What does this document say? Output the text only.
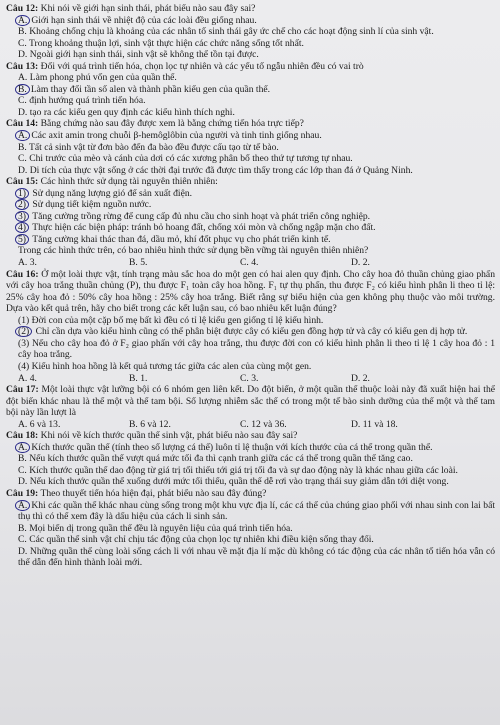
Câu 12: Khi nói về giới hạn sinh thái, phát biểu nào sau đây sai?

A. Giới hạn sinh thái về nhiệt độ của các loài đều giống nhau.

B. Khoảng chống chịu là khoảng của các nhân tố sinh thái gây ức chế cho các hoạt động sinh lí của sinh vật.

C. Trong khoảng thuận lợi, sinh vật thực hiện các chức năng sống tốt nhất.

D. Ngoài giới hạn sinh thái, sinh vật sẽ không thể tồn tại được.

Câu 13: Đối với quá trình tiến hóa, chọn lọc tự nhiên và các yếu tố ngẫu nhiên đều có vai trò

A. Làm phong phú vốn gen của quần thể.

B. Làm thay đổi tần số alen và thành phần kiểu gen của quần thể.

C. định hướng quá trình tiến hóa.

D. tạo ra các kiểu gen quy định các kiểu hình thích nghi.

Câu 14: Bằng chứng nào sau đây được xem là bằng chứng tiến hóa trực tiếp?

A. Các axit amin trong chuỗi β-hemôglôbin của người và tinh tinh giống nhau.

B. Tất cả sinh vật từ đơn bào đến đa bào đều được cấu tạo từ tế bào.

C. Chi trước của mèo và cánh của dơi có các xương phân bố theo thứ tự tương tự nhau.

D. Di tích của thực vật sống ở các thời đại trước đã được tìm thấy trong các lớp than đá ở Quảng Ninh.

Câu 15: Các hình thức sử dụng tài nguyên thiên nhiên:

1) Sử dụng năng lượng gió để sản xuất điện.

2) Sử dụng tiết kiệm nguồn nước.

3) Tăng cường trồng rừng để cung cấp đủ nhu cầu cho sinh hoạt và phát triển công nghiệp.

4) Thực hiện các biện pháp: tránh bỏ hoang đất, chống xói mòn và chống ngập mặn cho đất.

5) Tăng cường khai thác than đá, dầu mỏ, khí đốt phục vụ cho phát triển kinh tế.

Trong các hình thức trên, có bao nhiêu hình thức sử dụng bền vững tài nguyên thiên nhiên?

A. 3.	B. 5.	C. 4.	D. 2.

Câu 16: Ở một loài thực vật, tính trạng màu sắc hoa do một gen có hai alen quy định. Cho cây hoa đỏ thuần chủng giao phấn với cây hoa trắng thuần chủng (P), thu được F₁ toàn cây hoa hồng. F₁ tự thụ phấn, thu được F₂ có kiểu hình phân li theo tỉ lệ: 25% cây hoa đỏ : 50% cây hoa hồng : 25% cây hoa trắng. Biết rằng sự biểu hiện của gen không phụ thuộc vào môi trường. Dựa vào kết quả trên, hãy cho biết trong các kết luận sau, có bao nhiêu kết luận đúng?

(1) Đời con của một cặp bố mẹ bất kì đều có tỉ lệ kiểu gen giống tỉ lệ kiểu hình.

(2) Chỉ cần dựa vào kiểu hình cũng có thể phân biệt được cây có kiểu gen đồng hợp tử và cây có kiểu gen dị hợp tử.

(3) Nếu cho cây hoa đỏ ở F₂ giao phấn với cây hoa trắng, thu được đời con có kiểu hình phân li theo tỉ lệ 1 cây hoa đỏ : 1 cây hoa trắng.

(4) Kiểu hình hoa hồng là kết quả tương tác giữa các alen của cùng một gen.

A. 4.	B. 1.	C. 3.	D. 2.

Câu 17: Một loài thực vật lưỡng bội có 6 nhóm gen liên kết. Do đột biến, ở một quần thể thuộc loài này đã xuất hiện hai thể đột biến khác nhau là thể một và thể tam bội. Số lượng nhiễm sắc thể có trong một tế bào sinh dưỡng của thể một và thể tam bội này lần lượt là

A. 6 và 13.	B. 6 và 12.	C. 12 và 36.	D. 11 và 18.

Câu 18: Khi nói về kích thước quần thể sinh vật, phát biểu nào sau đây sai?

A. Kích thước quần thể (tính theo số lượng cá thể) luôn tỉ lệ thuận với kích thước của cá thể trong quần thể.

B. Nếu kích thước quần thể vượt quá mức tối đa thì cạnh tranh giữa các cá thể trong quần thể tăng cao.

C. Kích thước quần thể dao động từ giá trị tối thiểu tới giá trị tối đa và sự dao động này là khác nhau giữa các loài.

D. Nếu kích thước quần thể xuống dưới mức tối thiểu, quần thể dễ rơi vào trạng thái suy giảm dẫn tới diệt vong.

Câu 19: Theo thuyết tiến hóa hiện đại, phát biểu nào sau đây đúng?

A. Khi các quần thể khác nhau cùng sống trong một khu vực địa lí, các cá thể của chúng giao phối với nhau sinh con lai bất thụ thì có thể xem đây là dấu hiệu của cách li sinh sản.

B. Mọi biến dị trong quần thể đều là nguyên liệu của quá trình tiến hóa.

C. Các quần thể sinh vật chỉ chịu tác động của chọn lọc tự nhiên khi điều kiện sống thay đổi.

D. Những quần thể cùng loài sống cách li với nhau về mặt địa lí mặc dù không có tác động của các nhân tố tiến hóa vẫn có thể dẫn đến hình thành loài mới.
